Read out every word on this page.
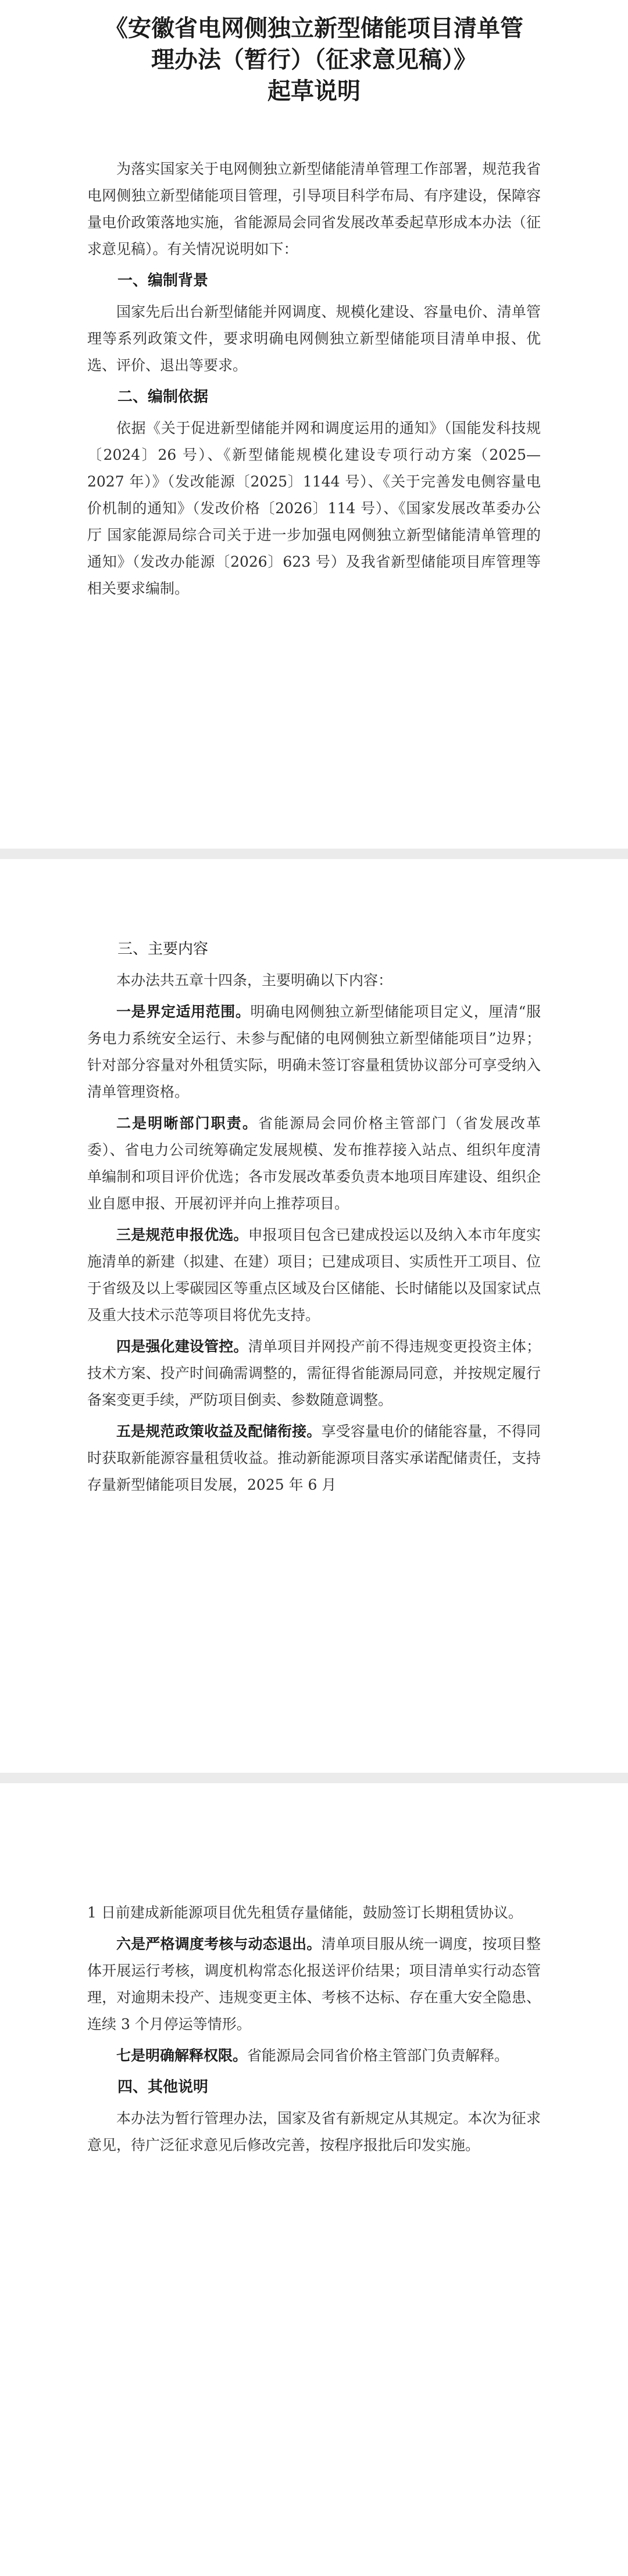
《安徽省电网侧独立新型储能项目清单管

理办法（暂行）（征求意见稿）》

起草说明

为落实国家关于电网侧独立新型储能清单管理工作部署，规范我省电网侧独立新型储能项目管理，引导项目科学布局、有序建设，保障容量电价政策落地实施，省能源局会同省发展改革委起草形成本办法（征求意见稿）。有关情况说明如下：

一、编制背景

国家先后出台新型储能并网调度、规模化建设、容量电价、清单管理等系列政策文件，要求明确电网侧独立新型储能项目清单申报、优选、评价、退出等要求。

二、编制依据

依据《关于促进新型储能并网和调度运用的通知》（国能发科技规〔2024〕26 号）、《新型储能规模化建设专项行动方案（2025—2027 年）》（发改能源〔2025〕1144 号）、《关于完善发电侧容量电价机制的通知》（发改价格〔2026〕114 号）、《国家发展改革委办公厅 国家能源局综合司关于进一步加强电网侧独立新型储能清单管理的通知》（发改办能源〔2026〕623 号）及我省新型储能项目库管理等相关要求编制。

三、主要内容

本办法共五章十四条，主要明确以下内容：

一是界定适用范围。明确电网侧独立新型储能项目定义，厘清“服务电力系统安全运行、未参与配储的电网侧独立新型储能项目”边界；针对部分容量对外租赁实际，明确未签订容量租赁协议部分可享受纳入清单管理资格。

二是明晰部门职责。省能源局会同价格主管部门（省发展改革委）、省电力公司统筹确定发展规模、发布推荐接入站点、组织年度清单编制和项目评价优选；各市发展改革委负责本地项目库建设、组织企业自愿申报、开展初评并向上推荐项目。

三是规范申报优选。申报项目包含已建成投运以及纳入本市年度实施清单的新建（拟建、在建）项目；已建成项目、实质性开工项目、位于省级及以上零碳园区等重点区域及台区储能、长时储能以及国家试点及重大技术示范等项目将优先支持。

四是强化建设管控。清单项目并网投产前不得违规变更投资主体；技术方案、投产时间确需调整的，需征得省能源局同意，并按规定履行备案变更手续，严防项目倒卖、参数随意调整。

五是规范政策收益及配储衔接。享受容量电价的储能容量，不得同时获取新能源容量租赁收益。推动新能源项目落实承诺配储责任，支持存量新型储能项目发展，2025 年 6 月

1 日前建成新能源项目优先租赁存量储能，鼓励签订长期租赁协议。

六是严格调度考核与动态退出。清单项目服从统一调度，按项目整体开展运行考核，调度机构常态化报送评价结果；项目清单实行动态管理，对逾期未投产、违规变更主体、考核不达标、存在重大安全隐患、连续 3 个月停运等情形。

七是明确解释权限。省能源局会同省价格主管部门负责解释。

四、其他说明

本办法为暂行管理办法，国家及省有新规定从其规定。本次为征求意见，待广泛征求意见后修改完善，按程序报批后印发实施。
